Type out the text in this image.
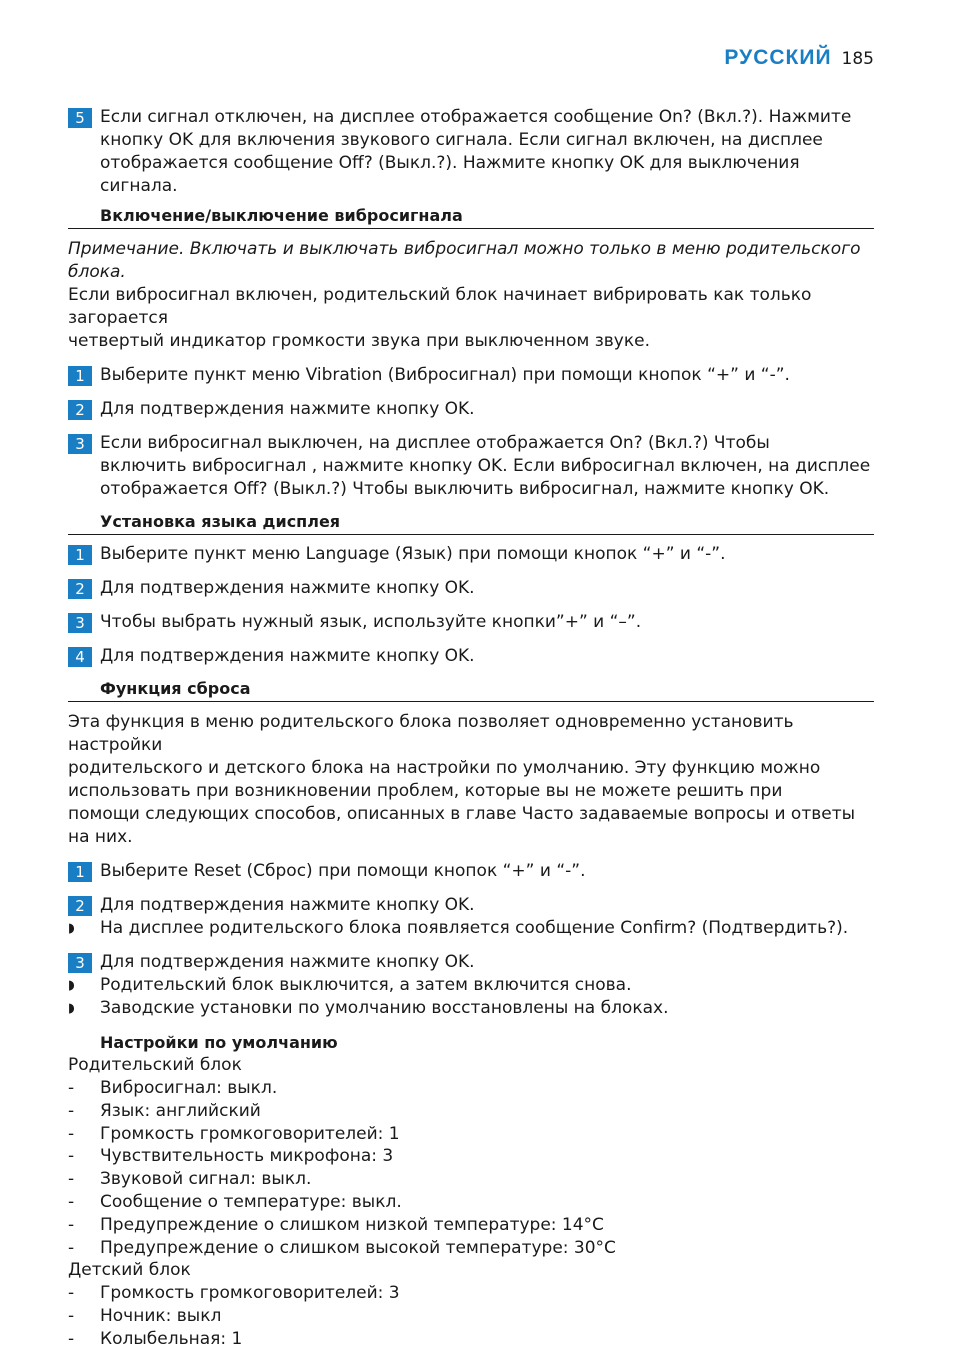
РУССКИЙ 185
5 Если сигнал отключен, на дисплее отображается сообщение On? (Вкл.?). Нажмите
кнопку OK для включения звукового сигнала. Если сигнал включен, на дисплее
отображается сообщение Off? (Выкл.?). Нажмите кнопку OK для выключения сигнала.
Включение/выключение вибросигнала
Примечание. Включать и выключать вибросигнал можно только в меню родительского блока.
Если вибросигнал включен, родительский блок начинает вибрировать как только загорается
четвертый индикатор громкости звука при выключенном звуке.
1 Выберите пункт меню Vibration (Вибросигнал) при помощи кнопок “+” и “-”.
2 Для подтверждения нажмите кнопку OK.
3 Если вибросигнал выключен, на дисплее отображается On? (Вкл.?) Чтобы
включить вибросигнал , нажмите кнопку OK. Если вибросигнал включен, на дисплее
отображается Off? (Выкл.?) Чтобы выключить вибросигнал, нажмите кнопку OK.
Установка языка дисплея
1 Выберите пункт меню Language (Язык) при помощи кнопок “+” и “-”.
2 Для подтверждения нажмите кнопку OK.
3 Чтобы выбрать нужный язык, используйте кнопки”+” и “–”.
4 Для подтверждения нажмите кнопку OK.
Функция сброса
Эта функция в меню родительского блока позволяет одновременно установить настройки
родительского и детского блока на настройки по умолчанию. Эту функцию можно
использовать при возникновении проблем, которые вы не можете решить при
помощи следующих способов, описанных в главе Часто задаваемые вопросы и ответы на них.
1 Выберите Reset (Сброс) при помощи кнопок “+” и “-”.
2 Для подтверждения нажмите кнопку OK.
◗ На дисплее родительского блока появляется сообщение Confirm? (Подтвердить?).
3 Для подтверждения нажмите кнопку OK.
◗ Родительский блок выключится, а затем включится снова.
◗ Заводские установки по умолчанию восстановлены на блоках.
Настройки по умолчанию
Родительский блок
- Вибросигнал: выкл.
- Язык: английский
- Громкость громкоговорителей: 1
- Чувствительность микрофона: 3
- Звуковой сигнал: выкл.
- Сообщение о температуре: выкл.
- Предупреждение о слишком низкой температуре: 14°C
- Предупреждение о слишком высокой температуре: 30°C
Детский блок
- Громкость громкоговорителей: 3
- Ночник: выкл
- Колыбельная: 1
